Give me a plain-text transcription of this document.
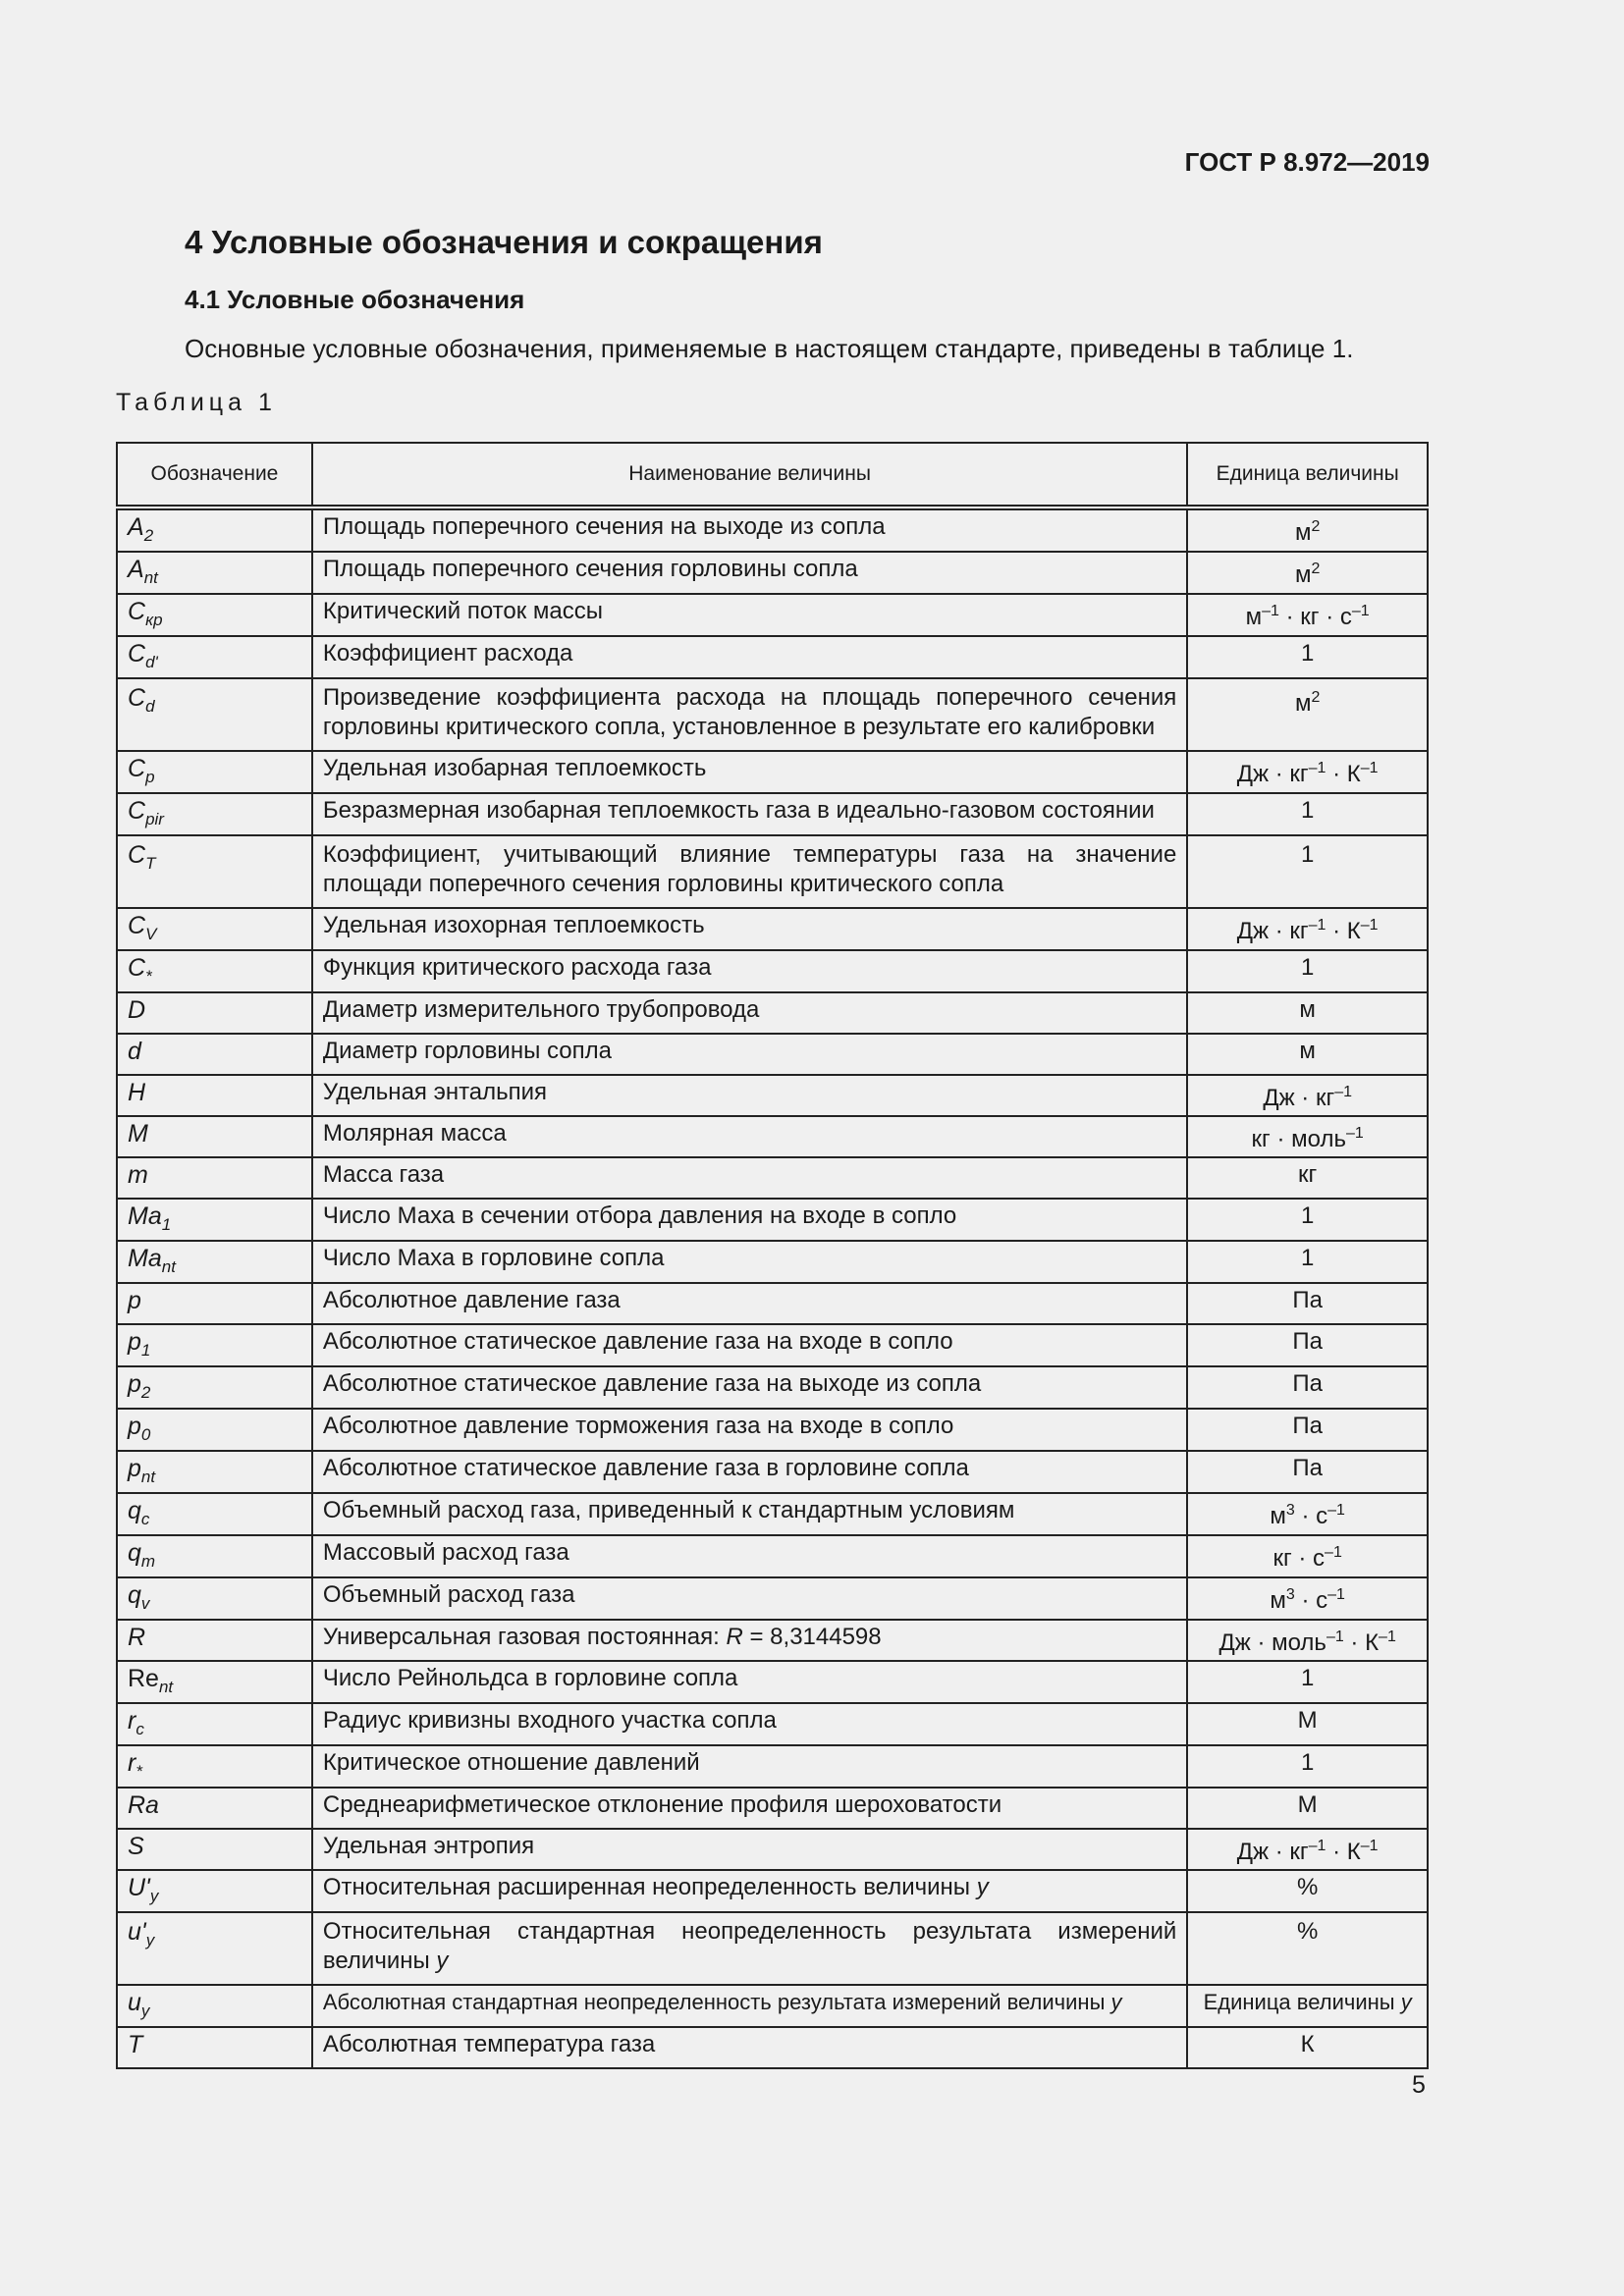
ГОСТ Р 8.972—2019
4 Условные обозначения и сокращения
4.1 Условные обозначения

Основные условные обозначения, применяемые в настоящем стандарте, приведены в таблице 1.

Таблица 1
Обозначение	Наименование величины	Единица величины
$A_2$	Площадь поперечного сечения на выходе из сопла	$м^2$
$A_{nt}$	Площадь поперечного сечения горловины сопла	$м^2$
$C_{кр}$	Критический поток массы	$м^{-1}$ · кг · $с^{-1}$
$C_{d'}$	Коэффициент расхода	1
$C_d$	Произведение коэффициента расхода на площадь поперечного сечения горловины критического сопла, установленное в результате его калибровки	$м^2$
$C_p$	Удельная изобарная теплоемкость	Дж · $кг^{-1} \cdot К^{-1}$
$C_{pir}$	Безразмерная изобарная теплоемкость газа в идеально-газовом состоянии	1
$C_T$	Коэффициент, учитывающий влияние температуры газа на значение площади поперечного сечения горловины критического сопла	1
$C_V$	Удельная изохорная теплоемкость	Дж · $кг^{-1} \cdot К^{-1}$
$C_*$	Функция критического расхода газа	1
D	Диаметр измерительного трубопровода	м
d	Диаметр горловины сопла	м
H	Удельная энтальпия	Дж · $кг^{-1}$
M	Молярная масса	кг · моль$^{-1}$
m	Масса газа	кг
$Ma_1$	Число Маха в сечении отбора давления на входе в сопло	1
$Ma_{nt}$	Число Маха в горловине сопла	1
p	Абсолютное давление газа	Па
$p_1$	Абсолютное статическое давление газа на входе в сопло	Па
$p_2$	Абсолютное статическое давление газа на выходе из сопла	Па
$p_0$	Абсолютное давление торможения газа на входе в сопло	Па
$p_{nt}$	Абсолютное статическое давление газа в горловине сопла	Па
$q_c$	Объемный расход газа, приведенный к стандартным условиям	$м^3 \cdot с^{-1}$
$q_m$	Массовый расход газа	кг · $с^{-1}$
$q_v$	Объемный расход газа	$м^3 \cdot с^{-1}$
R	Универсальная газовая постоянная: R = 8,3144598	Дж · моль$^{-1}$ · $К^{-1}$
$Re_{nt}$	Число Рейнольдса в горловине сопла	1
$r_c$	Радиус кривизны входного участка сопла	М
$r_*$	Критическое отношение давлений	1
Ra	Среднеарифметическое отклонение профиля шероховатости	М
S	Удельная энтропия	Дж · $кг^{-1} \cdot К^{-1}$
$U'_y$	Относительная расширенная неопределенность величины y	%
$u'_y$	Относительная стандартная неопределенность результата измерений величины y	%
$u_y$	Абсолютная стандартная неопределенность результата измерений величины y	Единица величины y
T	Абсолютная температура газа	К
5
